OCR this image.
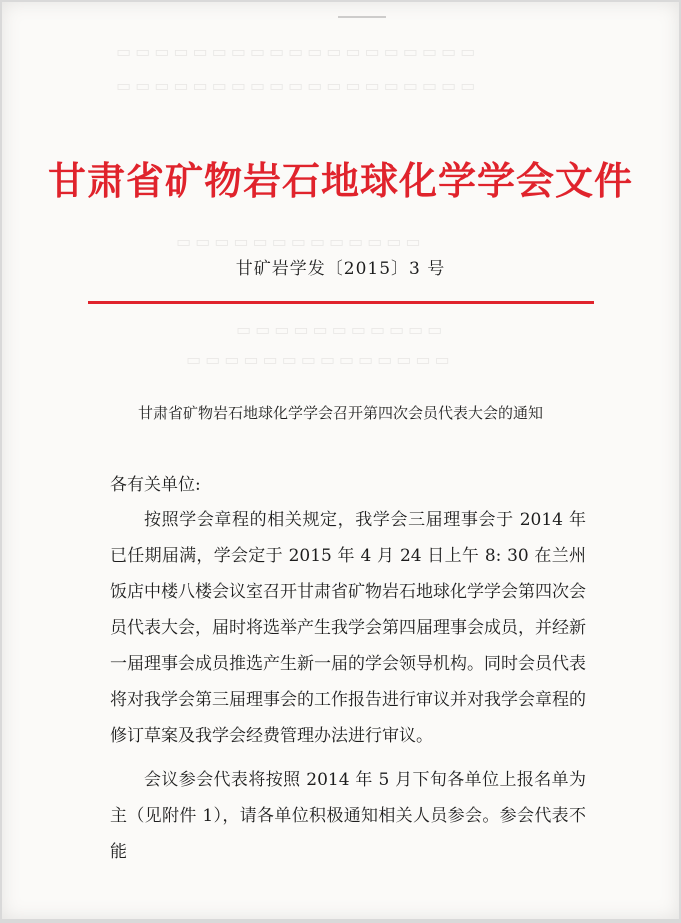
▭▭▭▭▭▭▭▭▭▭▭▭▭▭▭▭▭▭▭
▭▭▭▭▭▭▭▭▭▭▭▭▭▭▭▭▭▭▭
▭▭▭▭▭▭▭▭▭▭▭▭▭
▭▭▭▭▭▭▭▭▭▭▭
▭▭▭▭▭▭▭▭▭▭▭▭▭▭
甘肃省矿物岩石地球化学学会文件
甘矿岩学发〔2015〕3 号
甘肃省矿物岩石地球化学学会召开第四次会员代表大会的通知
各有关单位:

按照学会章程的相关规定，我学会三届理事会于 2014 年已任期届满，学会定于 2015 年 4 月 24 日上午 8: 30 在兰州饭店中楼八楼会议室召开甘肃省矿物岩石地球化学学会第四次会员代表大会，届时将选举产生我学会第四届理事会成员，并经新一届理事会成员推选产生新一届的学会领导机构。同时会员代表将对我学会第三届理事会的工作报告进行审议并对我学会章程的修订草案及我学会经费管理办法进行审议。

会议参会代表将按照 2014 年 5 月下旬各单位上报名单为主（见附件 1），请各单位积极通知相关人员参会。参会代表不能
